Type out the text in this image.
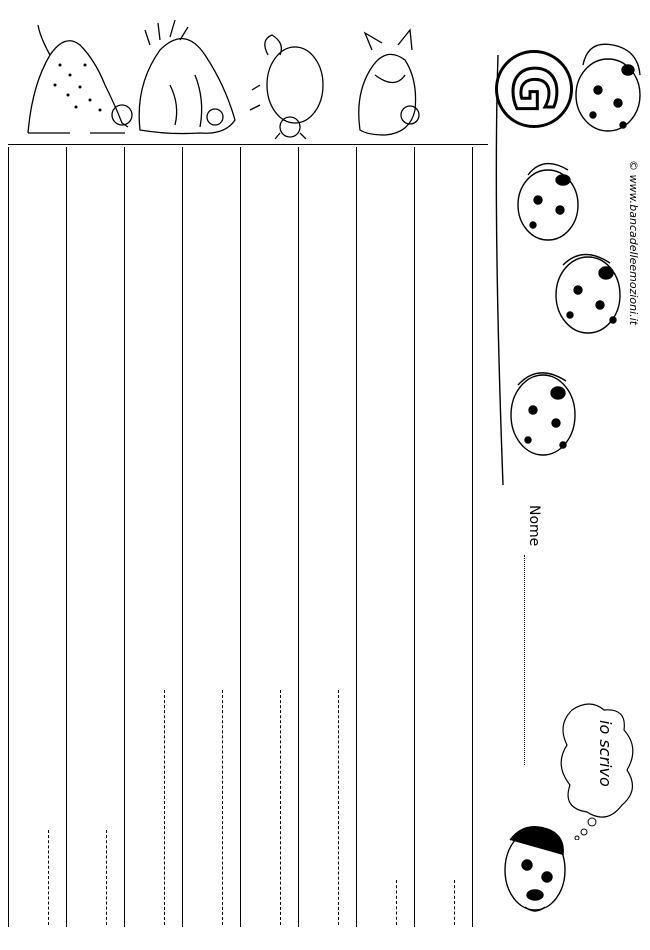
G
© www.bancadelleemozioni.it
Nome
io scrivo
